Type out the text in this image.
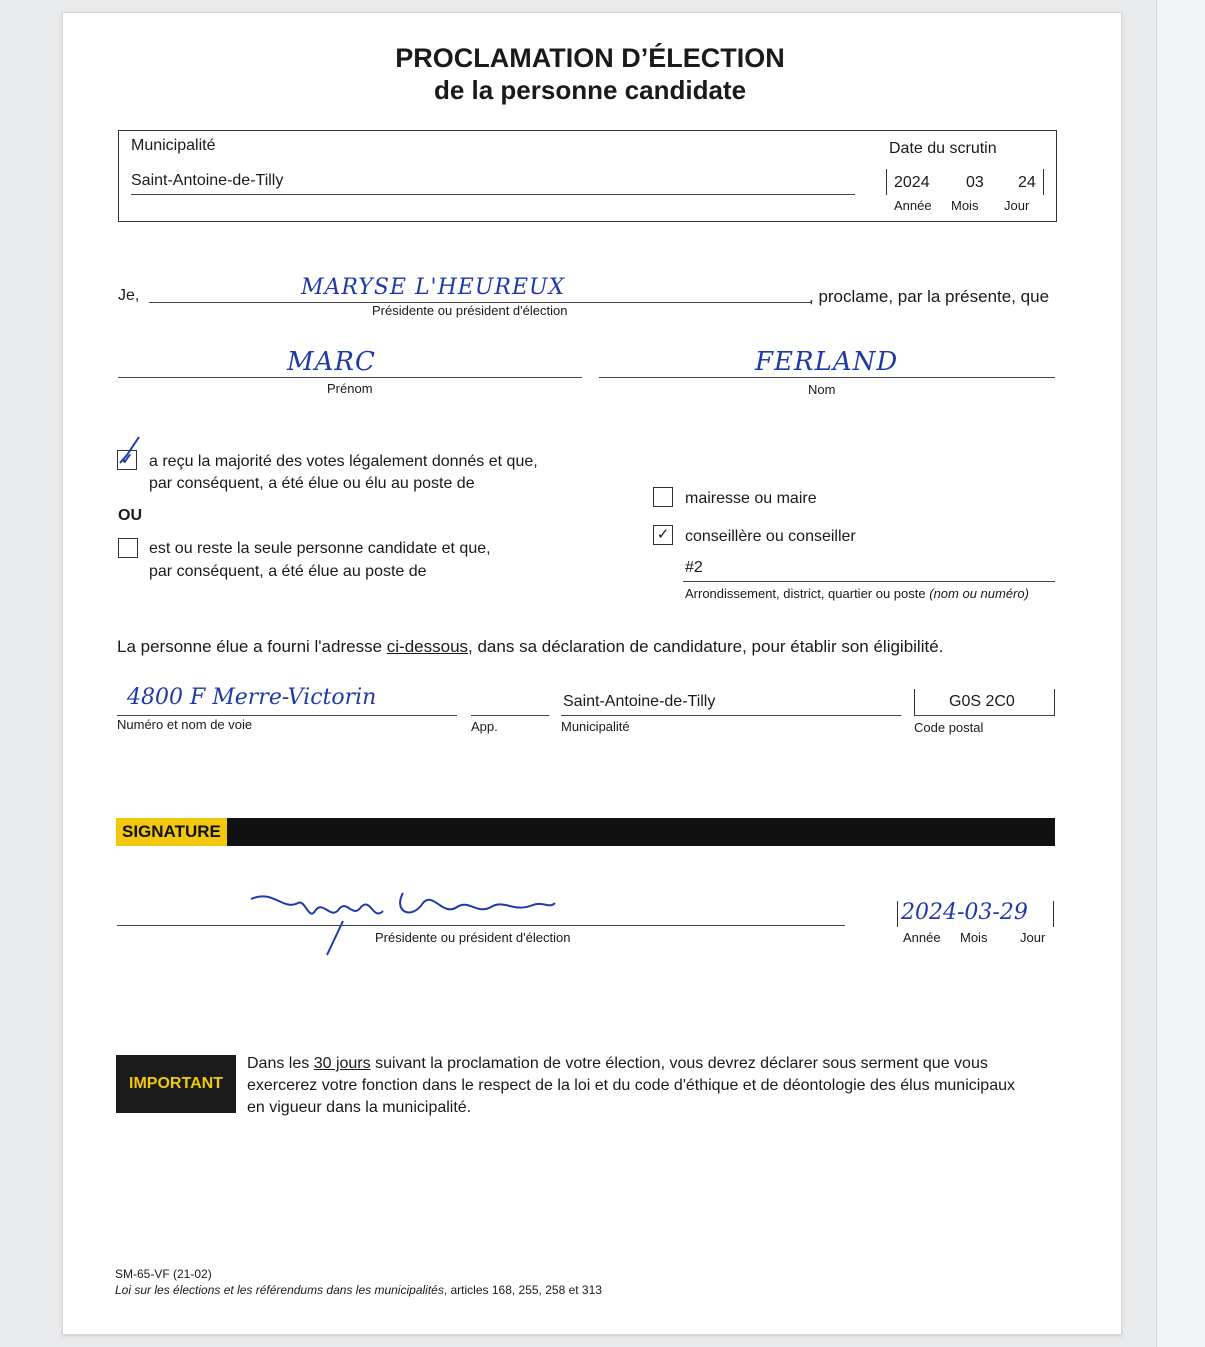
PROCLAMATION D’ÉLECTION
de la personne candidate
Municipalité
Saint-Antoine-de-Tilly
Date du scrutin
2024 03 24
Année Mois Jour
Je,	MARYSE L'HEUREUX	, proclame, par la présente, que
Présidente ou président d'élection
MARC
Prénom
FERLAND
Nom
✓ a reçu la majorité des votes légalement donnés et que,
par conséquent, a été élue ou élu au poste de
OU
est ou reste la seule personne candidate et que,
par conséquent, a été élue au poste de
mairesse ou maire
✓ conseillère ou conseiller
#2
Arrondissement, district, quartier ou poste (nom ou numéro)
La personne élue a fourni l'adresse ci-dessous, dans sa déclaration de candidature, pour établir son éligibilité.
4800 F Merre-Victorin
Numéro et nom de voie	App.
Saint-Antoine-de-Tilly
Municipalité
G0S 2C0
Code postal
SIGNATURE
Présidente ou président d'élection
2024-03-29
Année Mois	Jour
IMPORTANT
Dans les 30 jours suivant la proclamation de votre élection, vous devrez déclarer sous serment que vous
exercerez votre fonction dans le respect de la loi et du code d'éthique et de déontologie des élus municipaux
en vigueur dans la municipalité.
SM-65-VF (21-02)
Loi sur les élections et les référendums dans les municipalités, articles 168, 255, 258 et 313
